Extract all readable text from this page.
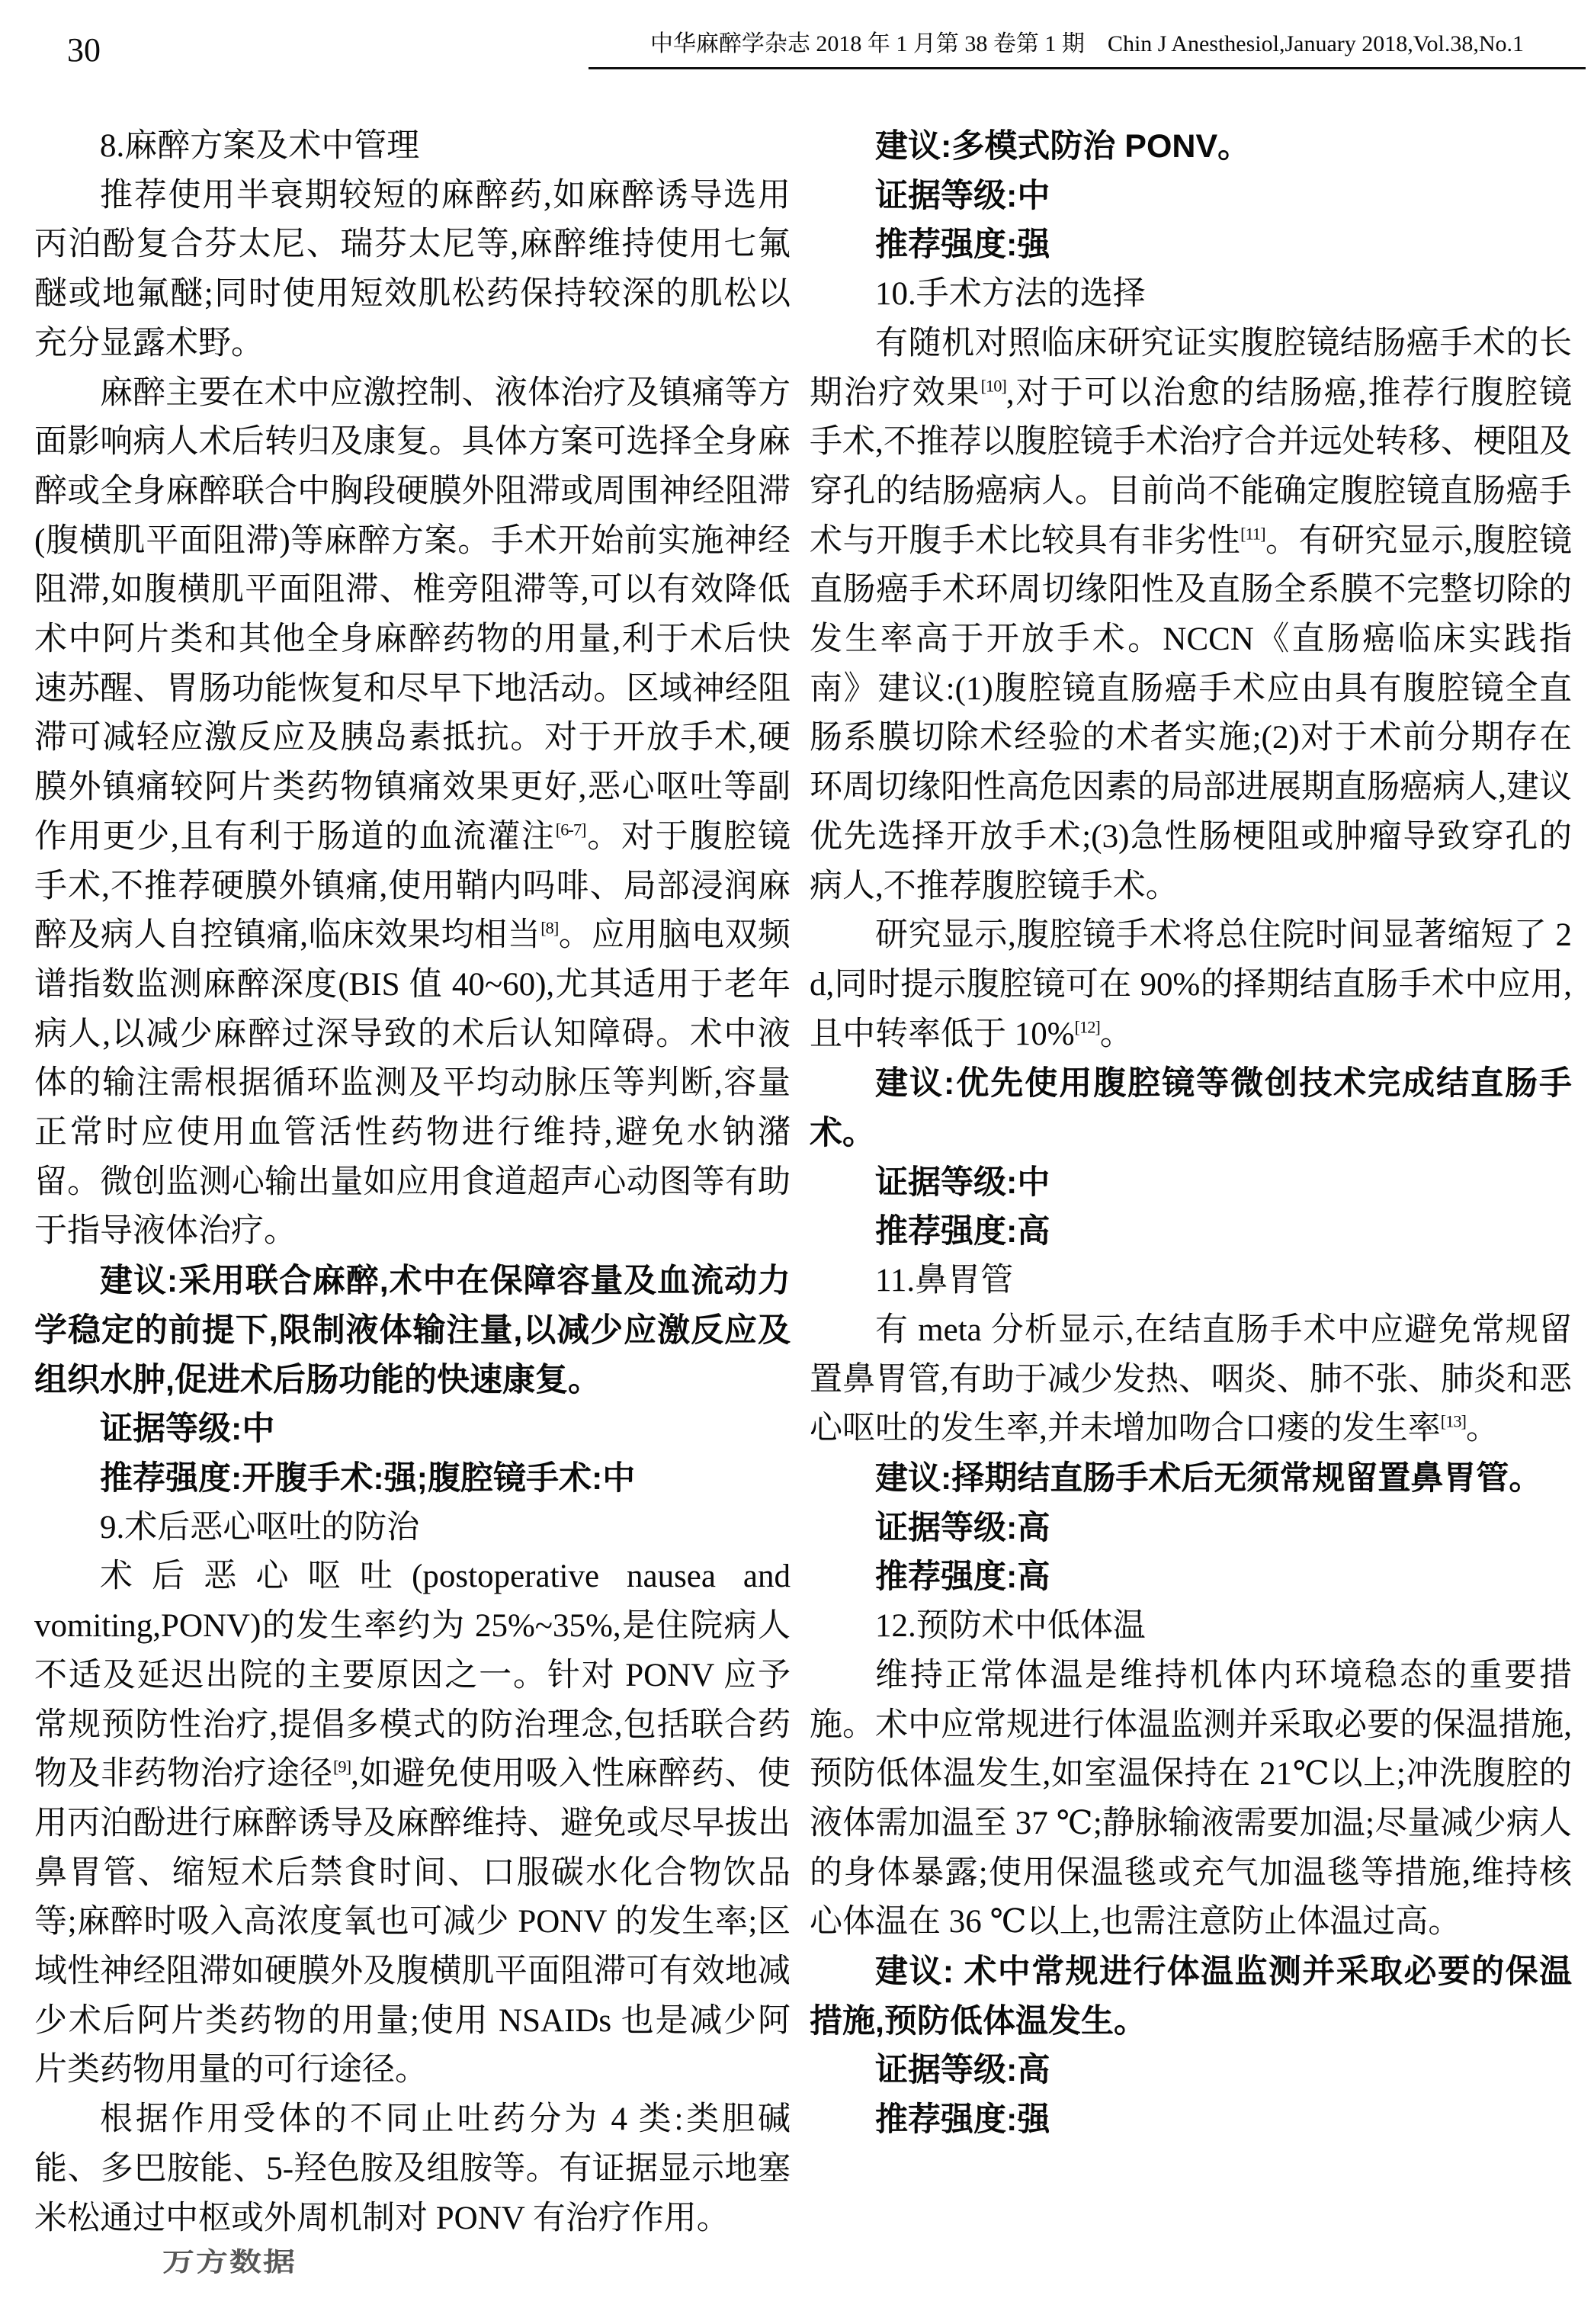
30	中华麻醉学杂志 2018 年 1 月第 38 卷第 1 期　Chin J Anesthesiol,January 2018,Vol.38,No.1

8.麻醉方案及术中管理

推荐使用半衰期较短的麻醉药,如麻醉诱导选用丙泊酚复合芬太尼、瑞芬太尼等,麻醉维持使用七氟醚或地氟醚;同时使用短效肌松药保持较深的肌松以充分显露术野。

麻醉主要在术中应激控制、液体治疗及镇痛等方面影响病人术后转归及康复。具体方案可选择全身麻醉或全身麻醉联合中胸段硬膜外阻滞或周围神经阻滞(腹横肌平面阻滞)等麻醉方案。手术开始前实施神经阻滞,如腹横肌平面阻滞、椎旁阻滞等,可以有效降低术中阿片类和其他全身麻醉药物的用量,利于术后快速苏醒、胃肠功能恢复和尽早下地活动。区域神经阻滞可减轻应激反应及胰岛素抵抗。对于开放手术,硬膜外镇痛较阿片类药物镇痛效果更好,恶心呕吐等副作用更少,且有利于肠道的血流灌注[6-7]。对于腹腔镜手术,不推荐硬膜外镇痛,使用鞘内吗啡、局部浸润麻醉及病人自控镇痛,临床效果均相当[8]。应用脑电双频谱指数监测麻醉深度(BIS 值 40~60),尤其适用于老年病人,以减少麻醉过深导致的术后认知障碍。术中液体的输注需根据循环监测及平均动脉压等判断,容量正常时应使用血管活性药物进行维持,避免水钠潴留。微创监测心输出量如应用食道超声心动图等有助于指导液体治疗。

建议:采用联合麻醉,术中在保障容量及血流动力学稳定的前提下,限制液体输注量,以减少应激反应及组织水肿,促进术后肠功能的快速康复。

证据等级:中

推荐强度:开腹手术:强;腹腔镜手术:中

9.术后恶心呕吐的防治

术后恶心呕吐(postoperative nausea and vomiting,PONV)的发生率约为 25%~35%,是住院病人不适及延迟出院的主要原因之一。针对 PONV 应予常规预防性治疗,提倡多模式的防治理念,包括联合药物及非药物治疗途径[9],如避免使用吸入性麻醉药、使用丙泊酚进行麻醉诱导及麻醉维持、避免或尽早拔出鼻胃管、缩短术后禁食时间、口服碳水化合物饮品等;麻醉时吸入高浓度氧也可减少 PONV 的发生率;区域性神经阻滞如硬膜外及腹横肌平面阻滞可有效地减少术后阿片类药物的用量;使用 NSAIDs 也是减少阿片类药物用量的可行途径。

根据作用受体的不同止吐药分为 4 类:类胆碱能、多巴胺能、5-羟色胺及组胺等。有证据显示地塞米松通过中枢或外周机制对 PONV 有治疗作用。

建议:多模式防治 PONV。

证据等级:中

推荐强度:强

10.手术方法的选择

有随机对照临床研究证实腹腔镜结肠癌手术的长期治疗效果[10],对于可以治愈的结肠癌,推荐行腹腔镜手术,不推荐以腹腔镜手术治疗合并远处转移、梗阻及穿孔的结肠癌病人。目前尚不能确定腹腔镜直肠癌手术与开腹手术比较具有非劣性[11]。有研究显示,腹腔镜直肠癌手术环周切缘阳性及直肠全系膜不完整切除的发生率高于开放手术。NCCN《直肠癌临床实践指南》建议:(1)腹腔镜直肠癌手术应由具有腹腔镜全直肠系膜切除术经验的术者实施;(2)对于术前分期存在环周切缘阳性高危因素的局部进展期直肠癌病人,建议优先选择开放手术;(3)急性肠梗阻或肿瘤导致穿孔的病人,不推荐腹腔镜手术。

研究显示,腹腔镜手术将总住院时间显著缩短了 2 d,同时提示腹腔镜可在 90%的择期结直肠手术中应用,且中转率低于 10%[12]。

建议:优先使用腹腔镜等微创技术完成结直肠手术。

证据等级:中

推荐强度:高

11.鼻胃管

有 meta 分析显示,在结直肠手术中应避免常规留置鼻胃管,有助于减少发热、咽炎、肺不张、肺炎和恶心呕吐的发生率,并未增加吻合口瘘的发生率[13]。

建议:择期结直肠手术后无须常规留置鼻胃管。

证据等级:高

推荐强度:高

12.预防术中低体温

维持正常体温是维持机体内环境稳态的重要措施。术中应常规进行体温监测并采取必要的保温措施,预防低体温发生,如室温保持在 21℃以上;冲洗腹腔的液体需加温至 37 ℃;静脉输液需要加温;尽量减少病人的身体暴露;使用保温毯或充气加温毯等措施,维持核心体温在 36 ℃以上,也需注意防止体温过高。

建议: 术中常规进行体温监测并采取必要的保温措施,预防低体温发生。

证据等级:高

推荐强度:强

万方数据
